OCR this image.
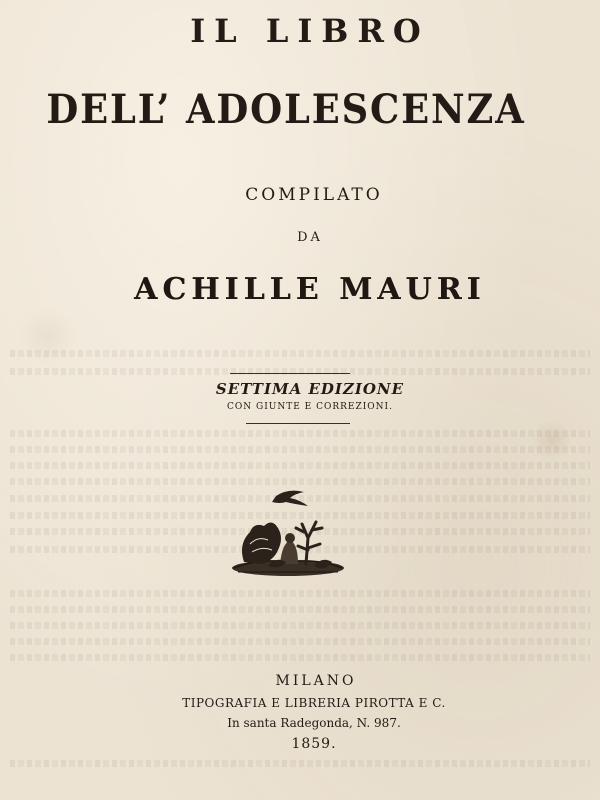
IL LIBRO
DELL’ ADOLESCENZA
COMPILATO
DA
ACHILLE MAURI
SETTIMA EDIZIONE
CON GIUNTE E CORREZIONI.
MILANO
TIPOGRAFIA E LIBRERIA PIROTTA E C.
In santa Radegonda, N. 987.
1859.
